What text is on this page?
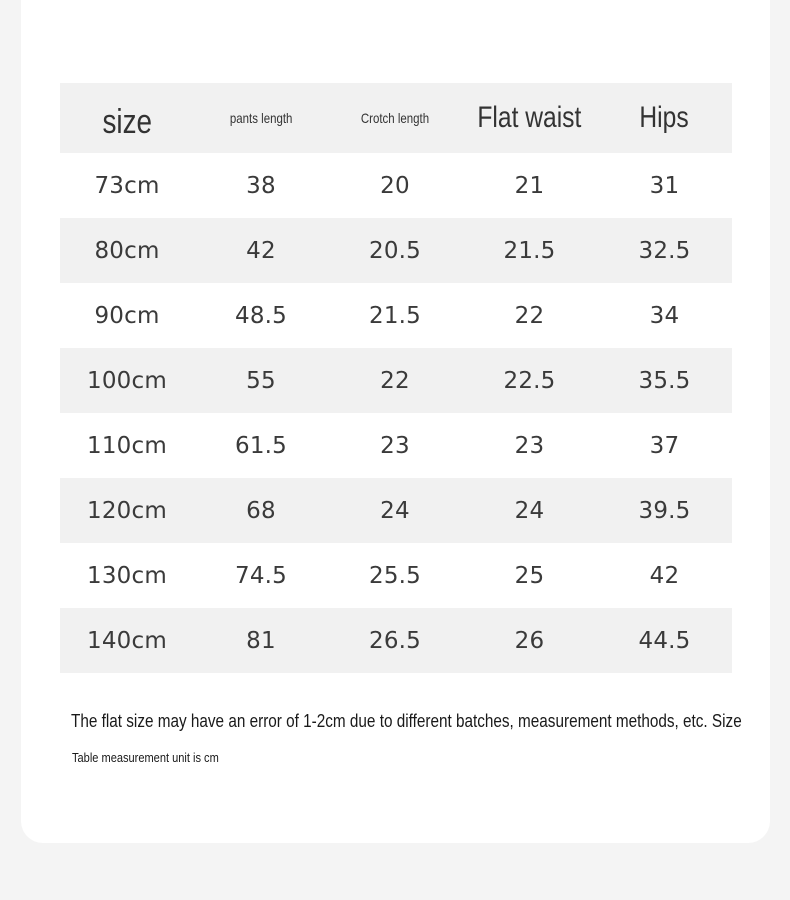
size	pants length	Crotch length	Flat waist	Hips
73cm	38	20	21	31
80cm	42	20.5	21.5	32.5
90cm	48.5	21.5	22	34
100cm	55	22	22.5	35.5
110cm	61.5	23	23	37
120cm	68	24	24	39.5
130cm	74.5	25.5	25	42
140cm	81	26.5	26	44.5
The flat size may have an error of 1-2cm due to different batches, measurement methods, etc. Size
Table measurement unit is cm
